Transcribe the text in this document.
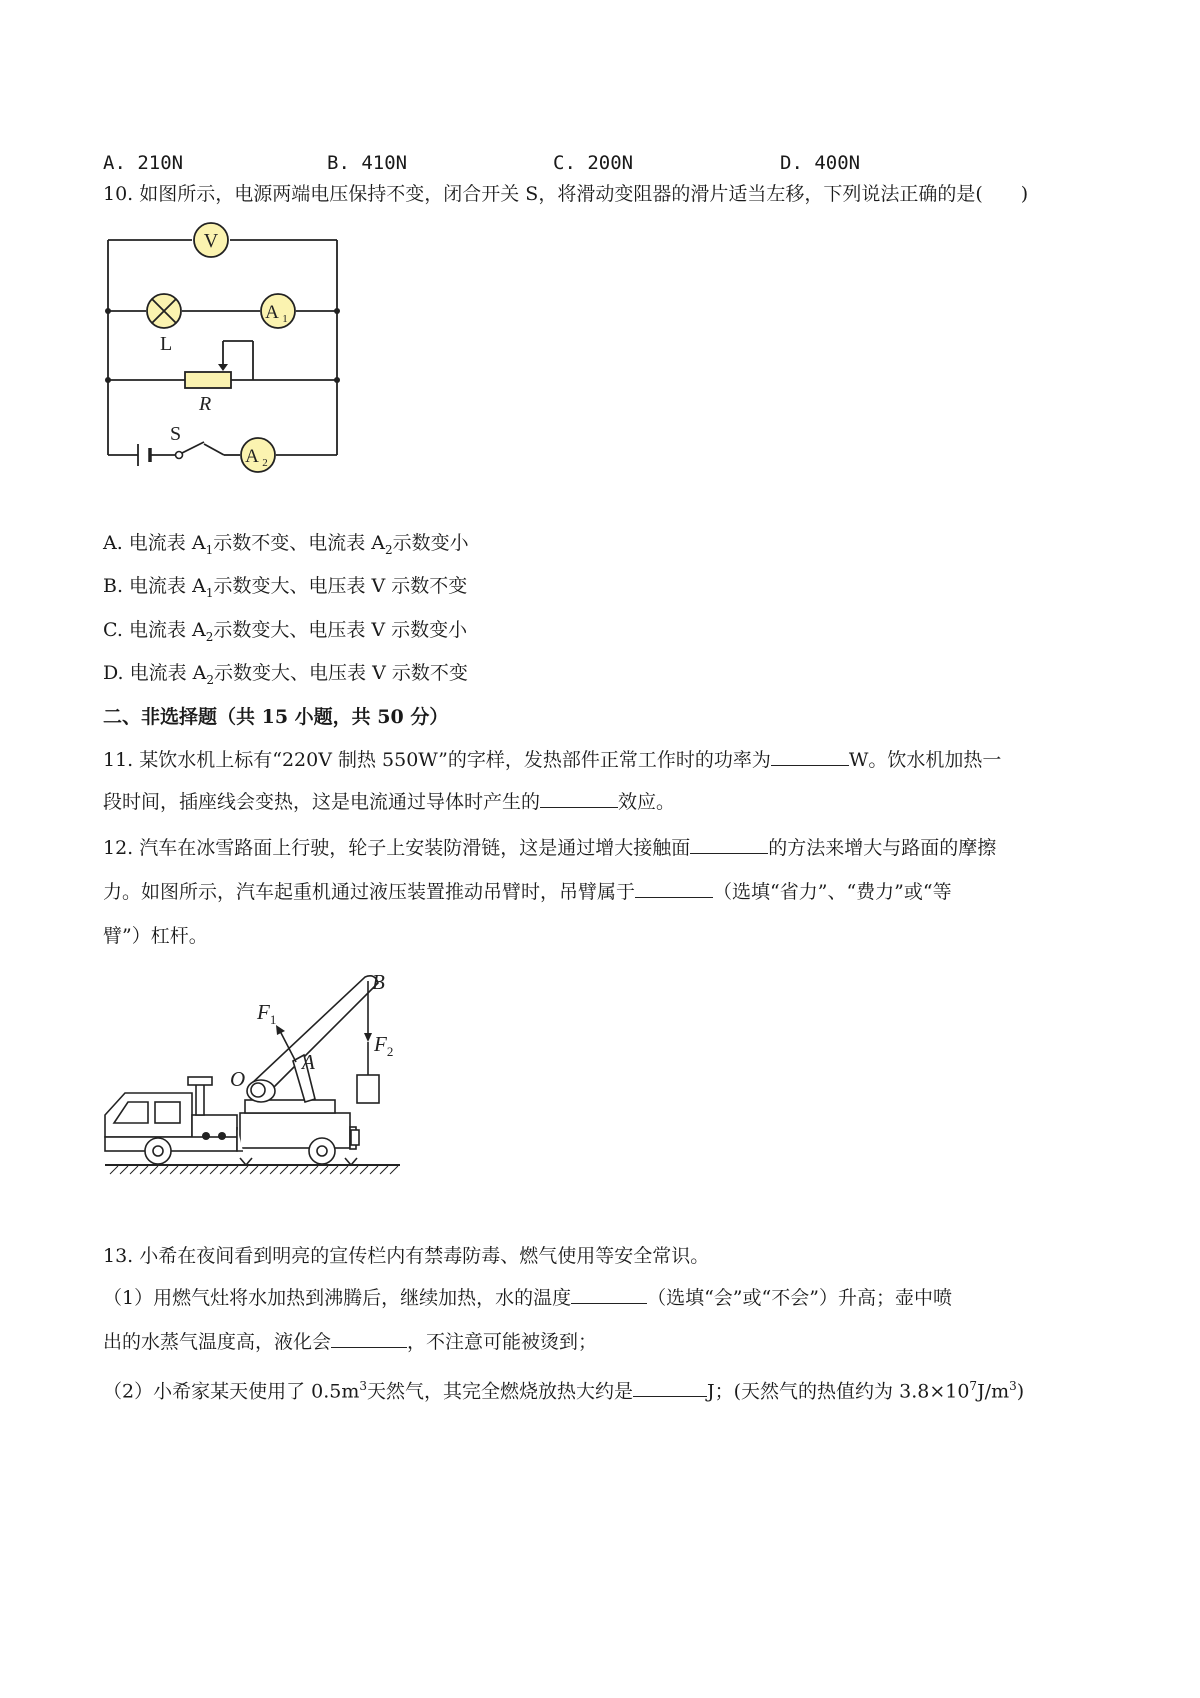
A. 210N	B. 410N	C. 200N	D. 400N
10. 如图所示，电源两端电压保持不变，闭合开关 S，将滑动变阻器的滑片适当左移，下列说法正确的是(　　)
V
L
A 1
R
S
A 2
A. 电流表 $A_1$示数不变、电流表 $A_2$示数变小
B. 电流表 $A_1$示数变大、电压表 V 示数不变
C. 电流表 $A_2$示数变大、电压表 V 示数变小
D. 电流表 $A_2$示数变大、电压表 V 示数不变
二、非选择题（共 15 小题，共 50 分）
11. 某饮水机上标有“220V 制热 550W”的字样，发热部件正常工作时的功率为	W。饮水机加热一
段时间，插座线会变热，这是电流通过导体时产生的	效应。
12. 汽车在冰雪路面上行驶，轮子上安装防滑链，这是通过增大接触面	的方法来增大与路面的摩擦
力。如图所示，汽车起重机通过液压装置推动吊臂时，吊臂属于	（选填“省力”、“费力”或“等
臂”）杠杆。
$F_1$
$F_2$
B
O
A
13. 小希在夜间看到明亮的宣传栏内有禁毒防毒、燃气使用等安全常识。
（1）用燃气灶将水加热到沸腾后，继续加热，水的温度	（选填“会”或“不会”）升高；壶中喷
出的水蒸气温度高，液化会	，不注意可能被烫到；
（2）小希家某天使用了 $0.5m^3$天然气，其完全燃烧放热大约是	J；(天然气的热值约为 $3.8\times 10^7J/m^3$)
